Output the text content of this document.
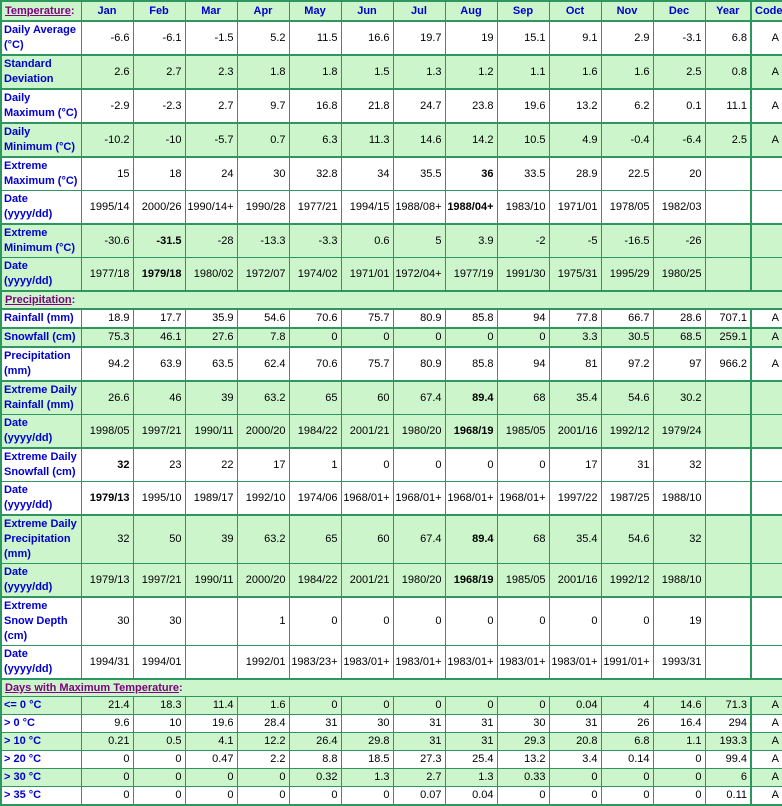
Temperature:	Jan	Feb	Mar	Apr	May	Jun	Jul	Aug	Sep	Oct	Nov	Dec	Year	Code
Daily Average (°C)	-6.6	-6.1	-1.5	5.2	11.5	16.6	19.7	19	15.1	9.1	2.9	-3.1	6.8	A
Standard Deviation	2.6	2.7	2.3	1.8	1.8	1.5	1.3	1.2	1.1	1.6	1.6	2.5	0.8	A
Daily Maximum (°C)	-2.9	-2.3	2.7	9.7	16.8	21.8	24.7	23.8	19.6	13.2	6.2	0.1	11.1	A
Daily Minimum (°C)	-10.2	-10	-5.7	0.7	6.3	11.3	14.6	14.2	10.5	4.9	-0.4	-6.4	2.5	A
Extreme Maximum (°C)	15	18	24	30	32.8	34	35.5	36	33.5	28.9	22.5	20		
Date (yyyy/dd)	1995/14	2000/26	1990/14+	1990/28	1977/21	1994/15	1988/08+	1988/04+	1983/10	1971/01	1978/05	1982/03		
Extreme Minimum (°C)	-30.6	-31.5	-28	-13.3	-3.3	0.6	5	3.9	-2	-5	-16.5	-26		
Date (yyyy/dd)	1977/18	1979/18	1980/02	1972/07	1974/02	1971/01	1972/04+	1977/19	1991/30	1975/31	1995/29	1980/25		
Precipitation:														
Rainfall (mm)	18.9	17.7	35.9	54.6	70.6	75.7	80.9	85.8	94	77.8	66.7	28.6	707.1	A
Snowfall (cm)	75.3	46.1	27.6	7.8	0	0	0	0	0	3.3	30.5	68.5	259.1	A
Precipitation (mm)	94.2	63.9	63.5	62.4	70.6	75.7	80.9	85.8	94	81	97.2	97	966.2	A
Extreme Daily Rainfall (mm)	26.6	46	39	63.2	65	60	67.4	89.4	68	35.4	54.6	30.2		
Date (yyyy/dd)	1998/05	1997/21	1990/11	2000/20	1984/22	2001/21	1980/20	1968/19	1985/05	2001/16	1992/12	1979/24		
Extreme Daily Snowfall (cm)	32	23	22	17	1	0	0	0	0	17	31	32		
Date (yyyy/dd)	1979/13	1995/10	1989/17	1992/10	1974/06	1968/01+	1968/01+	1968/01+	1968/01+	1997/22	1987/25	1988/10		
Extreme Daily Precipitation (mm)	32	50	39	63.2	65	60	67.4	89.4	68	35.4	54.6	32		
Date (yyyy/dd)	1979/13	1997/21	1990/11	2000/20	1984/22	2001/21	1980/20	1968/19	1985/05	2001/16	1992/12	1988/10		
Extreme Snow Depth (cm)	30	30		1	0	0	0	0	0	0	0	19		
Date (yyyy/dd)	1994/31	1994/01		1992/01	1983/23+	1983/01+	1983/01+	1983/01+	1983/01+	1983/01+	1991/01+	1993/31		
Days with Maximum Temperature:														
<= 0 °C	21.4	18.3	11.4	1.6	0	0	0	0	0	0.04	4	14.6	71.3	A
> 0 °C	9.6	10	19.6	28.4	31	30	31	31	30	31	26	16.4	294	A
> 10 °C	0.21	0.5	4.1	12.2	26.4	29.8	31	31	29.3	20.8	6.8	1.1	193.3	A
> 20 °C	0	0	0.47	2.2	8.8	18.5	27.3	25.4	13.2	3.4	0.14	0	99.4	A
> 30 °C	0	0	0	0	0.32	1.3	2.7	1.3	0.33	0	0	0	6	A
> 35 °C	0	0	0	0	0	0	0.07	0.04	0	0	0	0	0.11	A
